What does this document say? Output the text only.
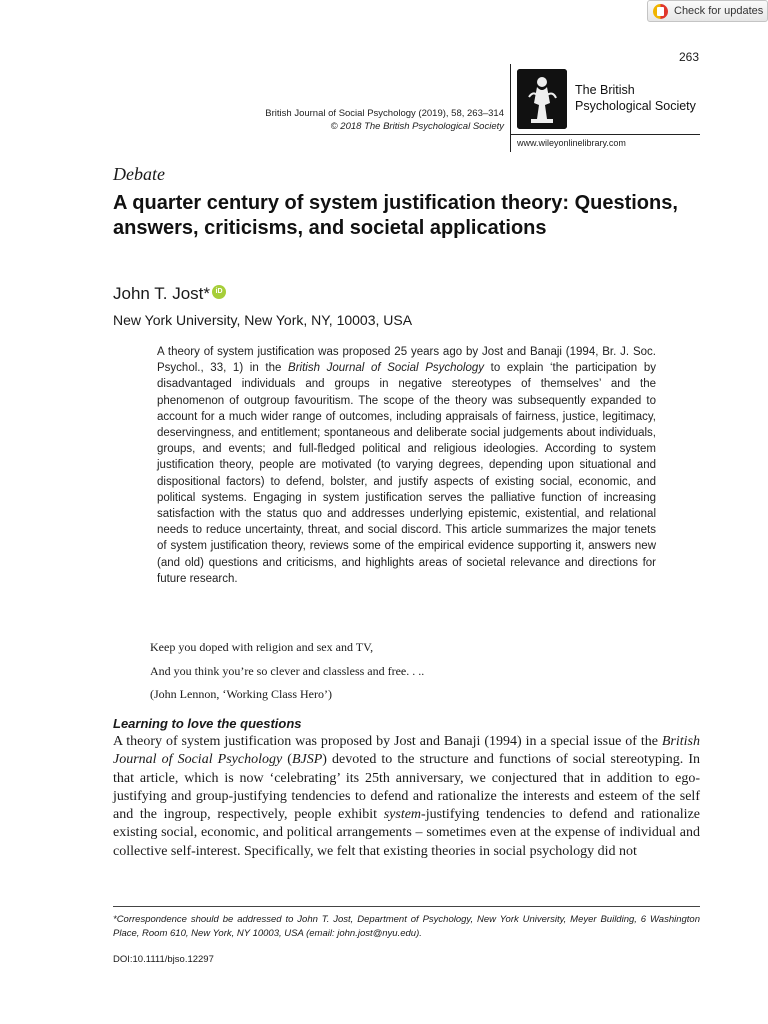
Check for updates
263
British Journal of Social Psychology (2019), 58, 263–314
© 2018 The British Psychological Society
The British
Psychological Society
www.wileyonlinelibrary.com
Debate
A quarter century of system justification theory: Questions, answers, criticisms, and societal applications
John T. Jost* iD
New York University, New York, NY, 10003, USA
A theory of system justification was proposed 25 years ago by Jost and Banaji (1994, Br. J. Soc. Psychol., 33, 1) in the British Journal of Social Psychology to explain ‘the participation by disadvantaged individuals and groups in negative stereotypes of themselves’ and the phenomenon of outgroup favouritism. The scope of the theory was subsequently expanded to account for a much wider range of outcomes, including appraisals of fairness, justice, legitimacy, deservingness, and entitlement; spontaneous and deliberate social judgements about individuals, groups, and events; and full-fledged political and religious ideologies. According to system justification theory, people are motivated (to varying degrees, depending upon situational and dispositional factors) to defend, bolster, and justify aspects of existing social, economic, and political systems. Engaging in system justification serves the palliative function of increasing satisfaction with the status quo and addresses underlying epistemic, existential, and relational needs to reduce uncertainty, threat, and social discord. This article summarizes the major tenets of system justification theory, reviews some of the empirical evidence supporting it, answers new (and old) questions and criticisms, and highlights areas of societal relevance and directions for future research.
Keep you doped with religion and sex and TV,
And you think you’re so clever and classless and free. . ..
(John Lennon, ‘Working Class Hero’)
Learning to love the questions
A theory of system justification was proposed by Jost and Banaji (1994) in a special issue of the British Journal of Social Psychology (BJSP) devoted to the structure and functions of social stereotyping. In that article, which is now ‘celebrating’ its 25th anniversary, we conjectured that in addition to ego-justifying and group-justifying tendencies to defend and rationalize the interests and esteem of the self and the ingroup, respectively, people exhibit system-justifying tendencies to defend and rationalize existing social, economic, and political arrangements – sometimes even at the expense of individual and collective self-interest. Specifically, we felt that existing theories in social psychology did not
*Correspondence should be addressed to John T. Jost, Department of Psychology, New York University, Meyer Building, 6 Washington Place, Room 610, New York, NY 10003, USA (email: john.jost@nyu.edu).
DOI:10.1111/bjso.12297
